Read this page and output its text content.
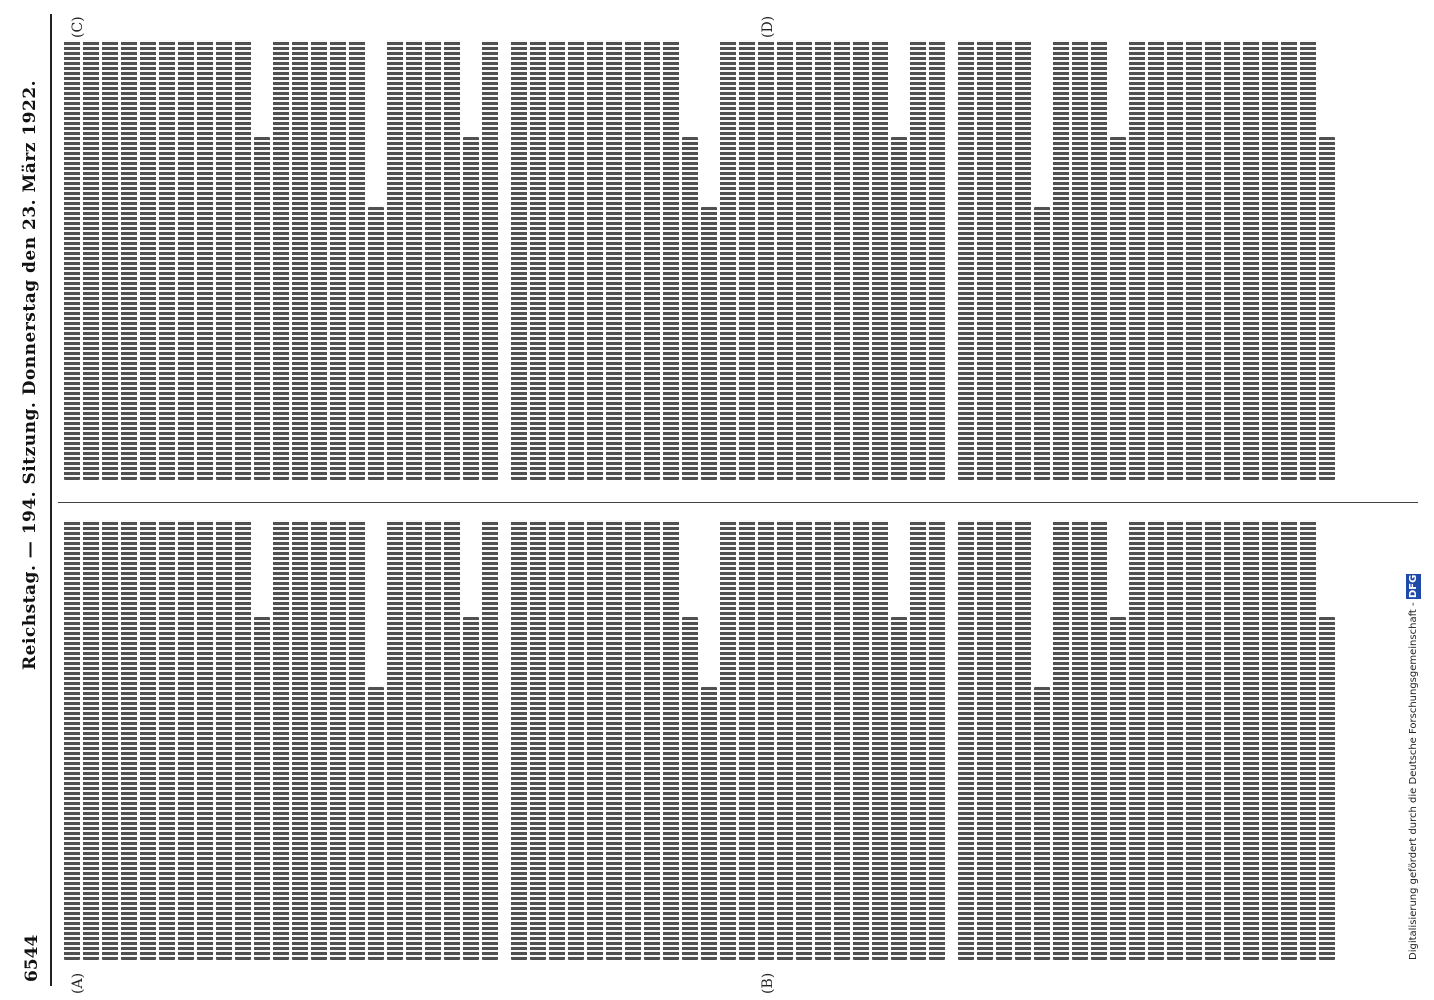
6544
Reichstag. — 194. Sitzung. Donnerstag den 23. März 1922.
(A)	(B)
(C)	(D)
Digitalisierung gefördert durch die Deutsche Forschungsgemeinschaft - DFG
